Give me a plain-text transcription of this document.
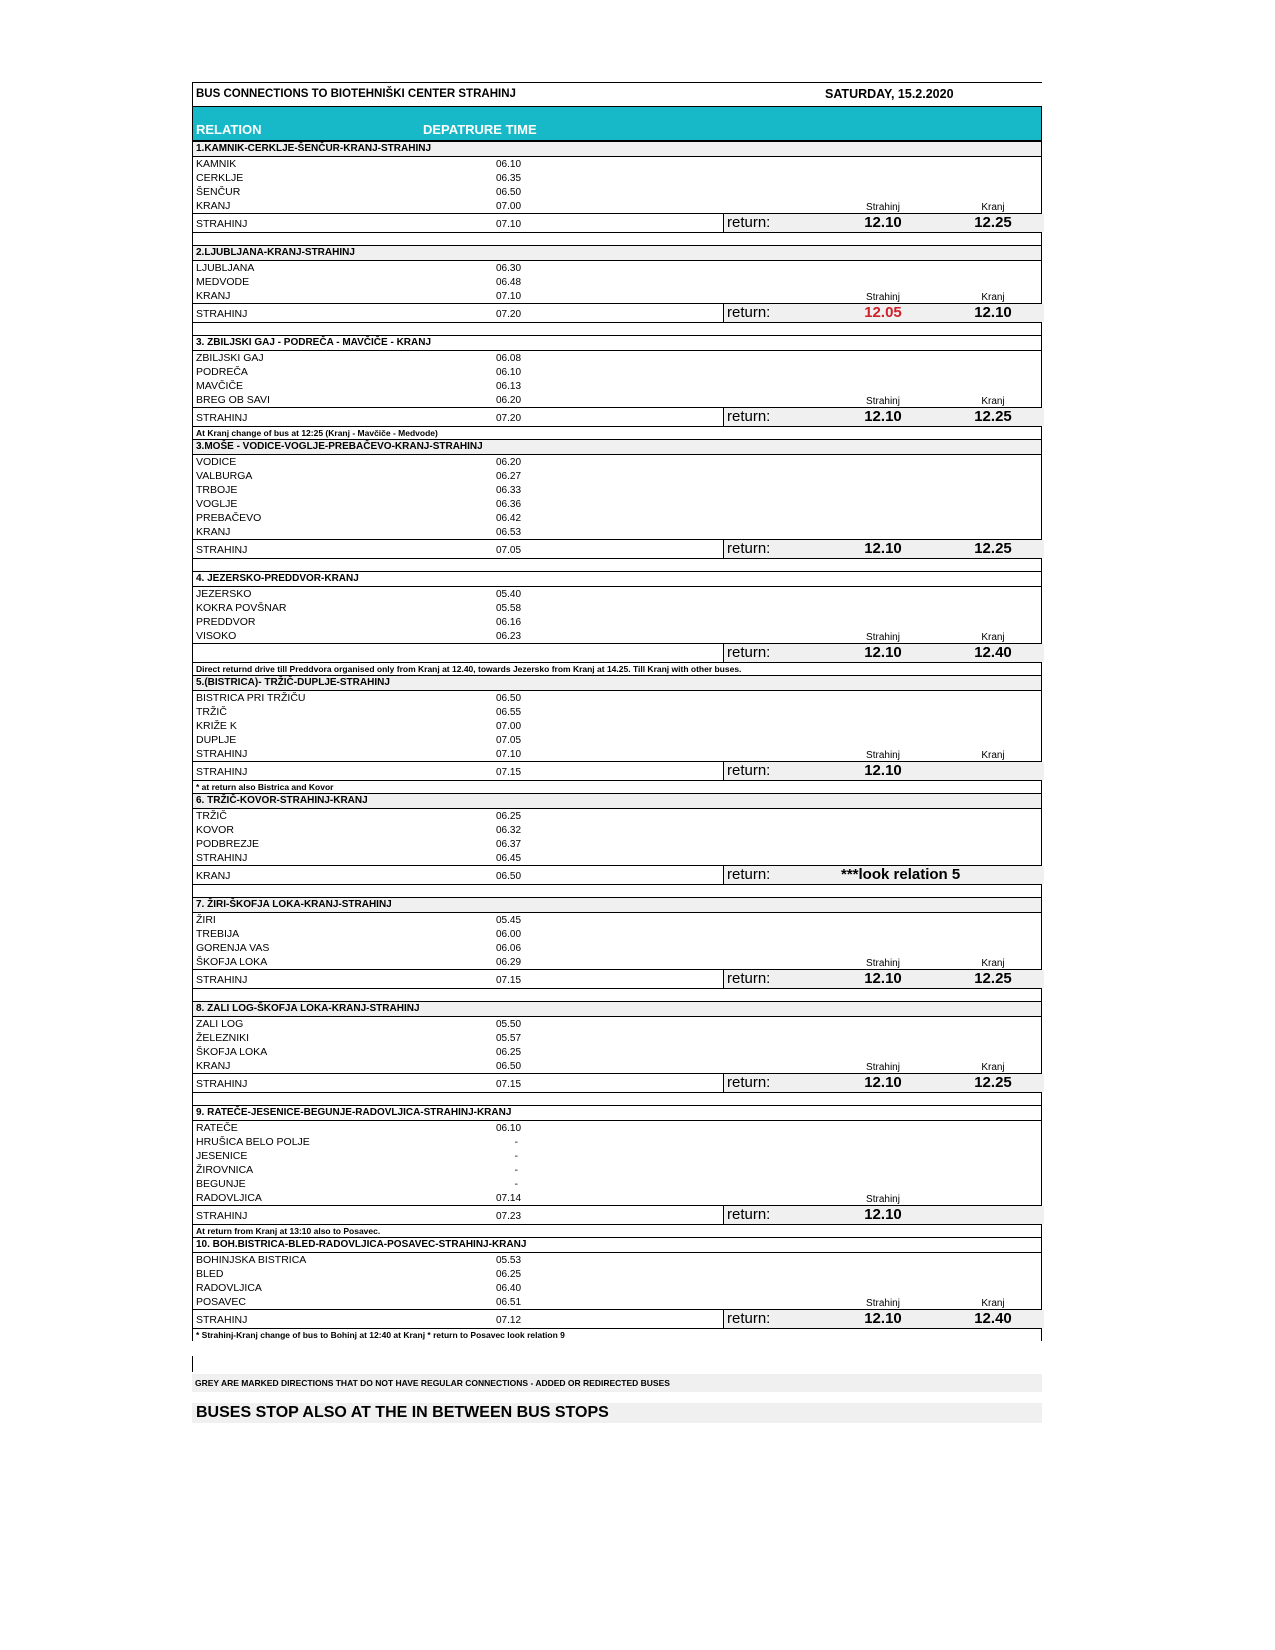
BUS CONNECTIONS TO BIOTEHNIŠKI CENTER STRAHINJ	SATURDAY, 15.2.2020
RELATION	DEPATRURE TIME
1.KAMNIK-CERKLJE-ŠENČUR-KRANJ-STRAHINJ
KAMNIK	06.10
CERKLJE	06.35
ŠENČUR	06.50
KRANJ	07.00	Strahinj	Kranj
STRAHINJ	07.10	return:	12.10	12.25
2.LJUBLJANA-KRANJ-STRAHINJ
LJUBLJANA	06.30
MEDVODE	06.48
KRANJ	07.10	Strahinj	Kranj
STRAHINJ	07.20	return:	12.05	12.10
3. ZBILJSKI GAJ - PODREČA - MAVČIČE - KRANJ
ZBILJSKI GAJ	06.08
PODREČA	06.10
MAVČIČE	06.13
BREG OB SAVI	06.20	Strahinj	Kranj
STRAHINJ	07.20	return:	12.10	12.25
At Kranj change of bus at 12:25 (Kranj - Mavčiče - Medvode)
3.MOŠE - VODICE-VOGLJE-PREBAČEVO-KRANJ-STRAHINJ
VODICE	06.20
VALBURGA	06.27
TRBOJE	06.33
VOGLJE	06.36
PREBAČEVO	06.42
KRANJ	06.53
STRAHINJ	07.05	return:	12.10	12.25
4. JEZERSKO-PREDDVOR-KRANJ
JEZERSKO	05.40
KOKRA POVŠNAR	05.58
PREDDVOR	06.16
VISOKO	06.23	Strahinj	Kranj
return:	12.10	12.40
Direct returnd drive till Preddvora organised only from Kranj at 12.40, towards Jezersko from Kranj at 14.25. Till Kranj with other buses.
5.(BISTRICA)- TRŽIČ-DUPLJE-STRAHINJ
BISTRICA PRI TRŽIČU	06.50
TRŽIČ	06.55
KRIŽE K	07.00
DUPLJE	07.05
STRAHINJ	07.10	Strahinj	Kranj
STRAHINJ	07.15	return:	12.10
* at return also Bistrica and Kovor
6. TRŽIČ-KOVOR-STRAHINJ-KRANJ
TRŽIČ	06.25
KOVOR	06.32
PODBREZJE	06.37
STRAHINJ	06.45
KRANJ	06.50	return:	***look relation 5
7. ŽIRI-ŠKOFJA LOKA-KRANJ-STRAHINJ
ŽIRI	05.45
TREBIJA	06.00
GORENJA VAS	06.06
ŠKOFJA LOKA	06.29	Strahinj	Kranj
STRAHINJ	07.15	return:	12.10	12.25
8. ZALI LOG-ŠKOFJA LOKA-KRANJ-STRAHINJ
ZALI LOG	05.50
ŽELEZNIKI	05.57
ŠKOFJA LOKA	06.25
KRANJ	06.50	Strahinj	Kranj
STRAHINJ	07.15	return:	12.10	12.25
9. RATEČE-JESENICE-BEGUNJE-RADOVLJICA-STRAHINJ-KRANJ
RATEČE	06.10
HRUŠICA BELO POLJE	-
JESENICE	-
ŽIROVNICA	-
BEGUNJE	-
RADOVLJICA	07.14	Strahinj
STRAHINJ	07.23	return:	12.10
At return from Kranj at 13:10 also to Posavec.
10. BOH.BISTRICA-BLED-RADOVLJICA-POSAVEC-STRAHINJ-KRANJ
BOHINJSKA BISTRICA	05.53
BLED	06.25
RADOVLJICA	06.40
POSAVEC	06.51	Strahinj	Kranj
STRAHINJ	07.12	return:	12.10	12.40
* Strahinj-Kranj change of bus to Bohinj at 12:40 at Kranj * return to Posavec look relation 9
GREY ARE MARKED DIRECTIONS THAT DO NOT HAVE REGULAR CONNECTIONS - ADDED OR REDIRECTED BUSES
BUSES STOP ALSO AT THE IN BETWEEN BUS STOPS
